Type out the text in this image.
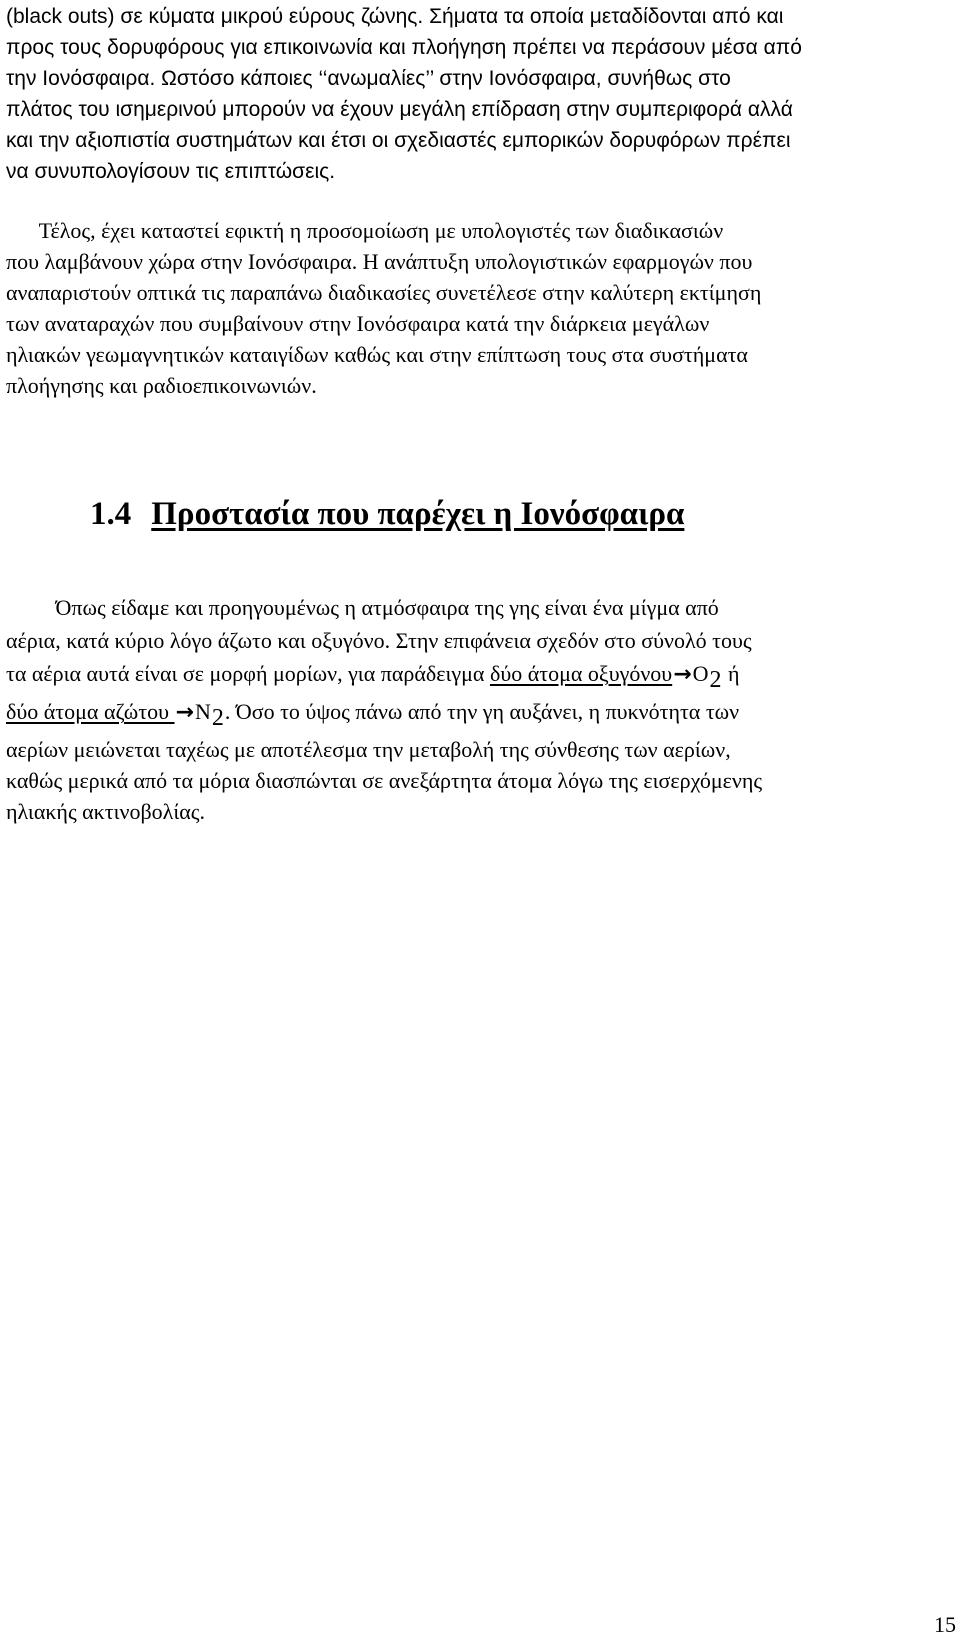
(black outs) σε κύματα μικρού εύρους ζώνης. Σήματα τα οποία μεταδίδονται από και
προς τους δορυφόρους για επικοινωνία και πλοήγηση πρέπει να περάσουν μέσα από
την Ιονόσφαιρα. Ωστόσο κάποιες ‘‘ανωμαλίες’’ στην Ιονόσφαιρα, συνήθως στο
πλάτος του ισημερινού μπορούν να έχουν μεγάλη επίδραση στην συμπεριφορά αλλά
και την αξιοπιστία συστημάτων και έτσι οι σχεδιαστές εμπορικών δορυφόρων πρέπει
να συνυπολογίσουν τις επιπτώσεις.
Τέλος, έχει καταστεί εφικτή η προσομοίωση με υπολογιστές των διαδικασιών
που λαμβάνουν χώρα στην Ιονόσφαιρα. Η ανάπτυξη υπολογιστικών εφαρμογών που
αναπαριστούν οπτικά τις παραπάνω διαδικασίες συνετέλεσε στην καλύτερη εκτίμηση
των αναταραχών που συμβαίνουν στην Ιονόσφαιρα κατά την διάρκεια μεγάλων
ηλιακών γεωμαγνητικών καταιγίδων καθώς και στην επίπτωση τους στα συστήματα
πλοήγησης και ραδιοεπικοινωνιών.
1.4 Προστασία που παρέχει η Ιονόσφαιρα
Όπως είδαμε και προηγουμένως η ατμόσφαιρα της γης είναι ένα μίγμα από
αέρια, κατά κύριο λόγο άζωτο και οξυγόνο. Στην επιφάνεια σχεδόν στο σύνολό τους
τα αέρια αυτά είναι σε μορφή μορίων, για παράδειγμα δύο άτομα οξυγόνου→O2 ή
δύο άτομα αζώτου →N2. Όσο το ύψος πάνω από την γη αυξάνει, η πυκνότητα των
αερίων μειώνεται ταχέως με αποτέλεσμα την μεταβολή της σύνθεσης των αερίων,
καθώς μερικά από τα μόρια διασπώνται σε ανεξάρτητα άτομα λόγω της εισερχόμενης
ηλιακής ακτινοβολίας.
15
